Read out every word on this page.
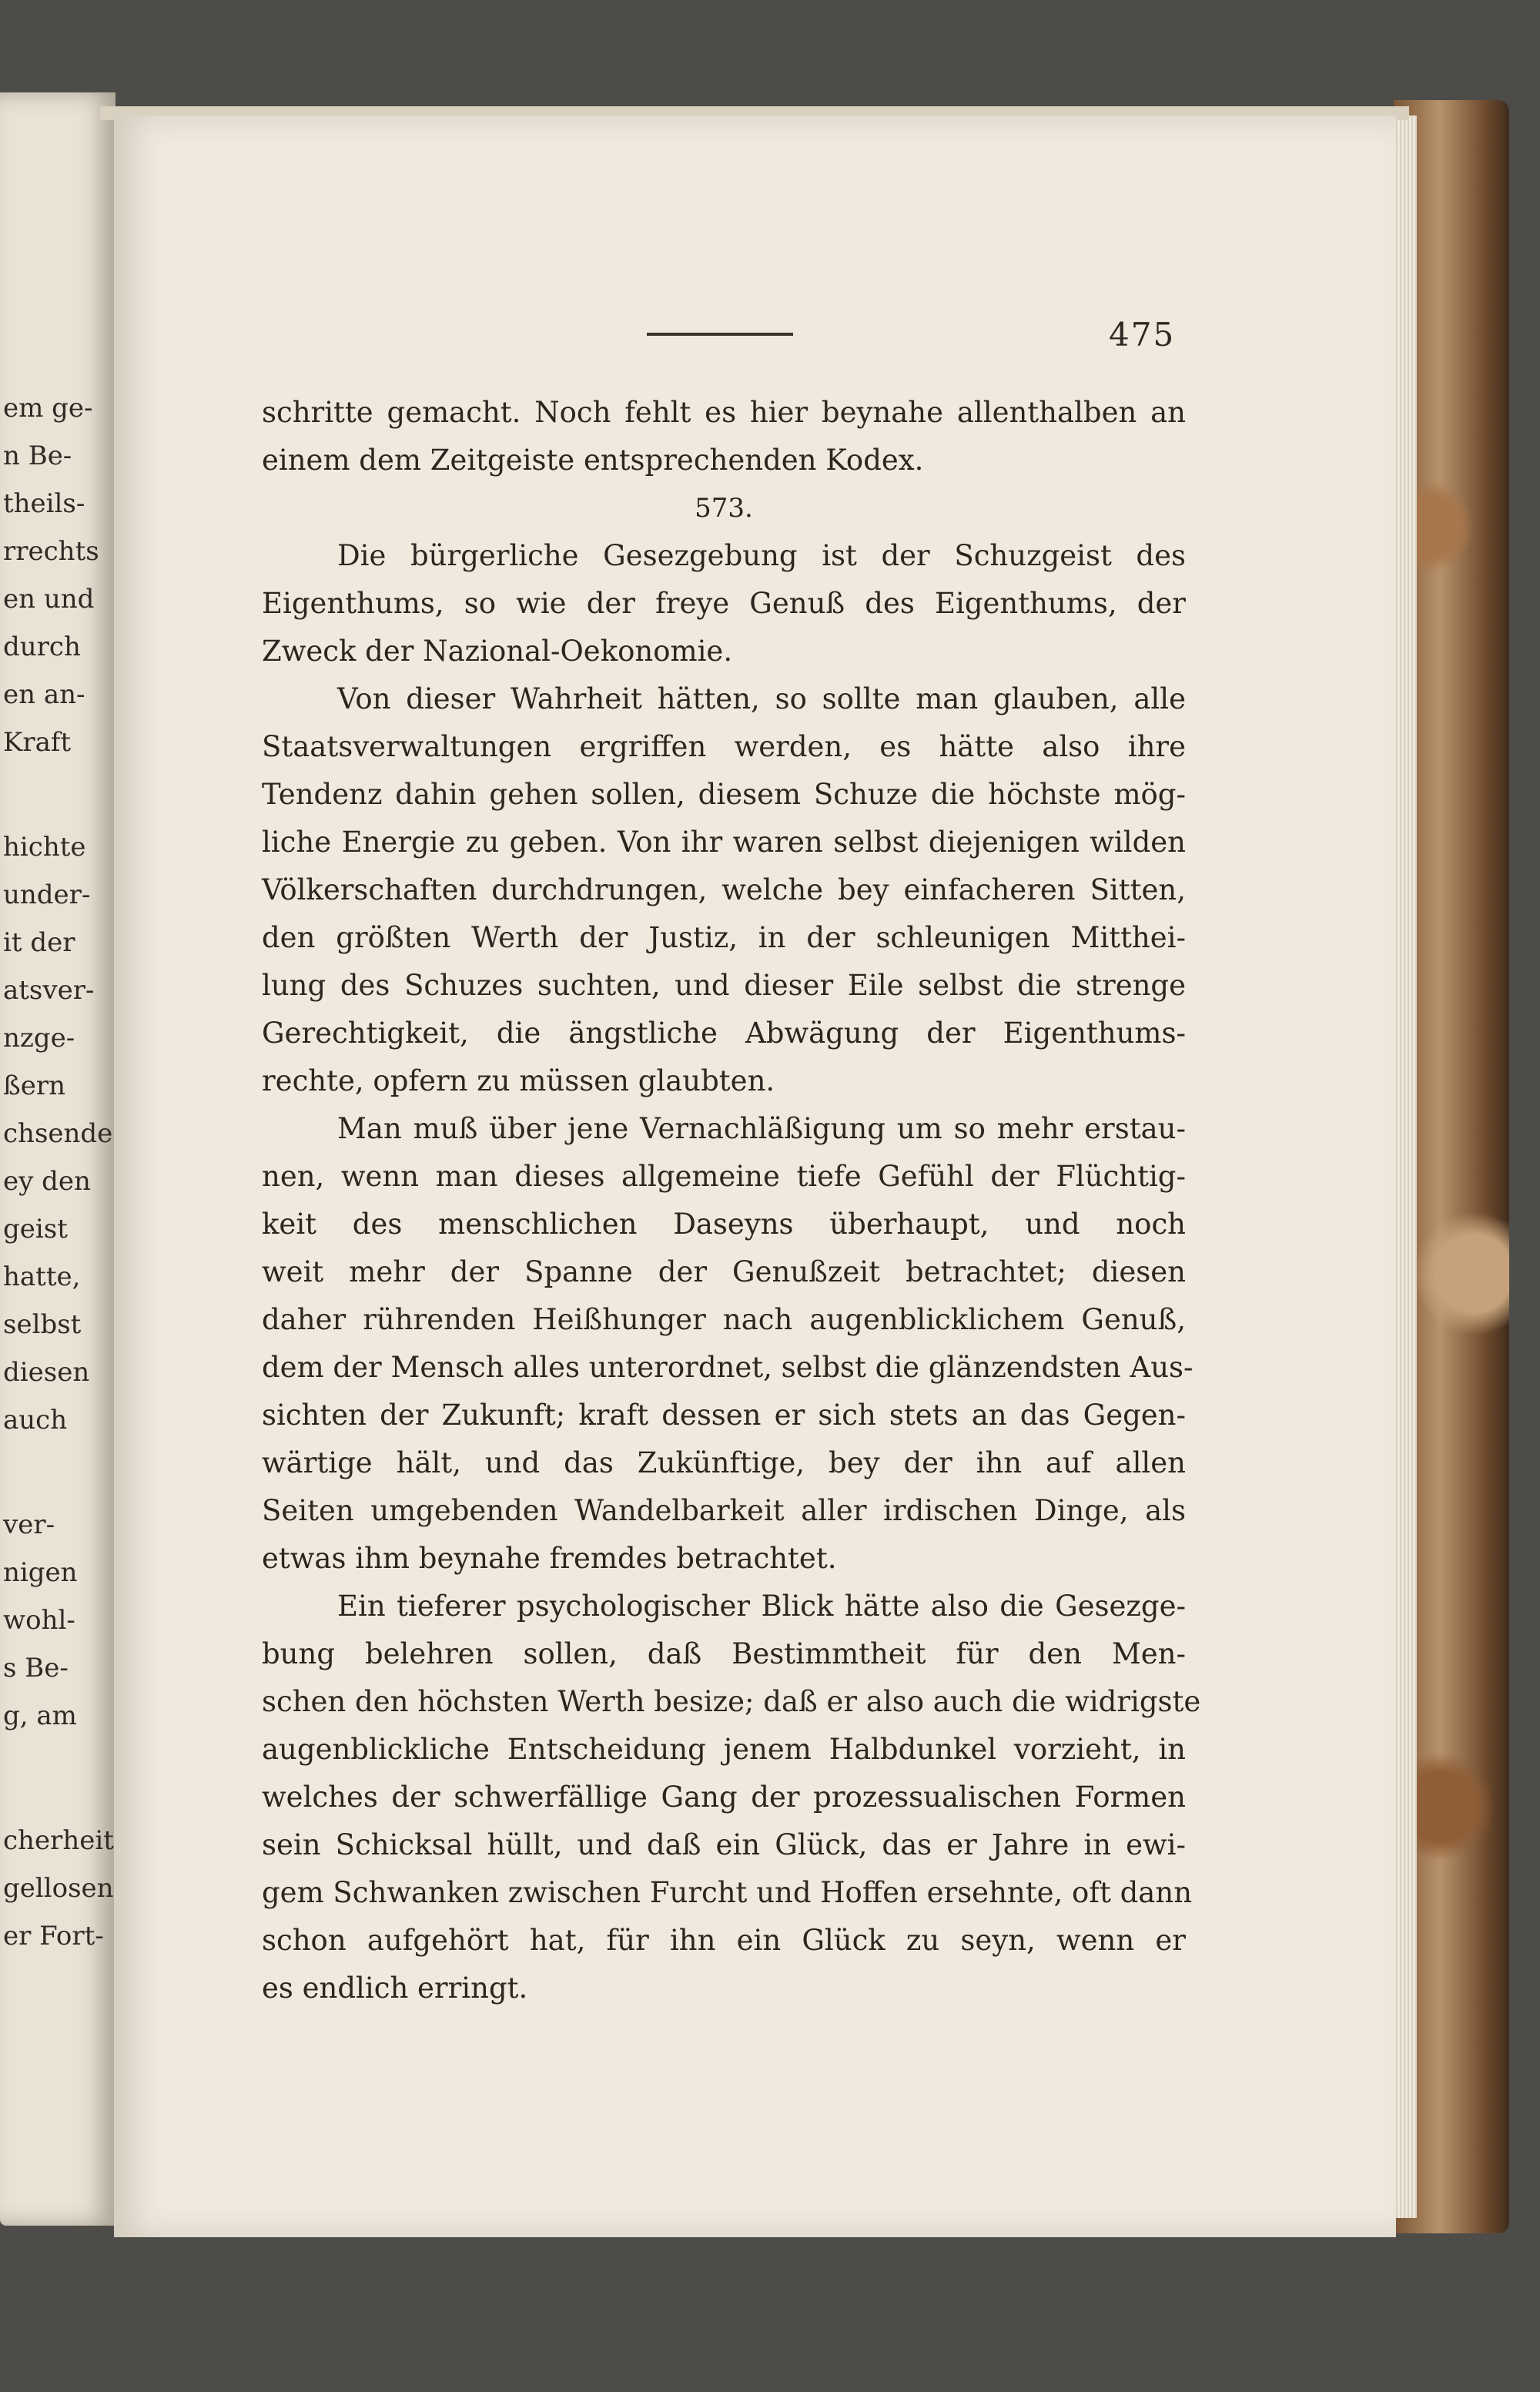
em ge-
n Be-
theils-
rrechts
en und
durch
en an-
Kraft
hichte
under-
it der
atsver-
nzge-
ßern
chsende
ey den
geist
hatte,
selbst
diesen
auch
ver-
nigen
wohl-
s Be-
g, am
cherheit
gellosen
er Fort-
475
schritte gemacht. Noch fehlt es hier beynahe allenthalben an
einem dem Zeitgeiste entsprechenden Kodex.
573.
Die bürgerliche Gesezgebung ist der Schuzgeist des
Eigenthums, so wie der freye Genuß des Eigenthums, der
Zweck der Nazional-Oekonomie.
Von dieser Wahrheit hätten, so sollte man glauben, alle
Staatsverwaltungen ergriffen werden, es hätte also ihre
Tendenz dahin gehen sollen, diesem Schuze die höchste mög-
liche Energie zu geben. Von ihr waren selbst diejenigen wilden
Völkerschaften durchdrungen, welche bey einfacheren Sitten,
den größten Werth der Justiz, in der schleunigen Mitthei-
lung des Schuzes suchten, und dieser Eile selbst die strenge
Gerechtigkeit, die ängstliche Abwägung der Eigenthums-
rechte, opfern zu müssen glaubten.
Man muß über jene Vernachläßigung um so mehr erstau-
nen, wenn man dieses allgemeine tiefe Gefühl der Flüchtig-
keit des menschlichen Daseyns überhaupt, und noch
weit mehr der Spanne der Genußzeit betrachtet; diesen
daher rührenden Heißhunger nach augenblicklichem Genuß,
dem der Mensch alles unterordnet, selbst die glänzendsten Aus-
sichten der Zukunft; kraft dessen er sich stets an das Gegen-
wärtige hält, und das Zukünftige, bey der ihn auf allen
Seiten umgebenden Wandelbarkeit aller irdischen Dinge, als
etwas ihm beynahe fremdes betrachtet.
Ein tieferer psychologischer Blick hätte also die Gesezge-
bung belehren sollen, daß Bestimmtheit für den Men-
schen den höchsten Werth besize; daß er also auch die widrigste
augenblickliche Entscheidung jenem Halbdunkel vorzieht, in
welches der schwerfällige Gang der prozessualischen Formen
sein Schicksal hüllt, und daß ein Glück, das er Jahre in ewi-
gem Schwanken zwischen Furcht und Hoffen ersehnte, oft dann
schon aufgehört hat, für ihn ein Glück zu seyn, wenn er
es endlich erringt.
